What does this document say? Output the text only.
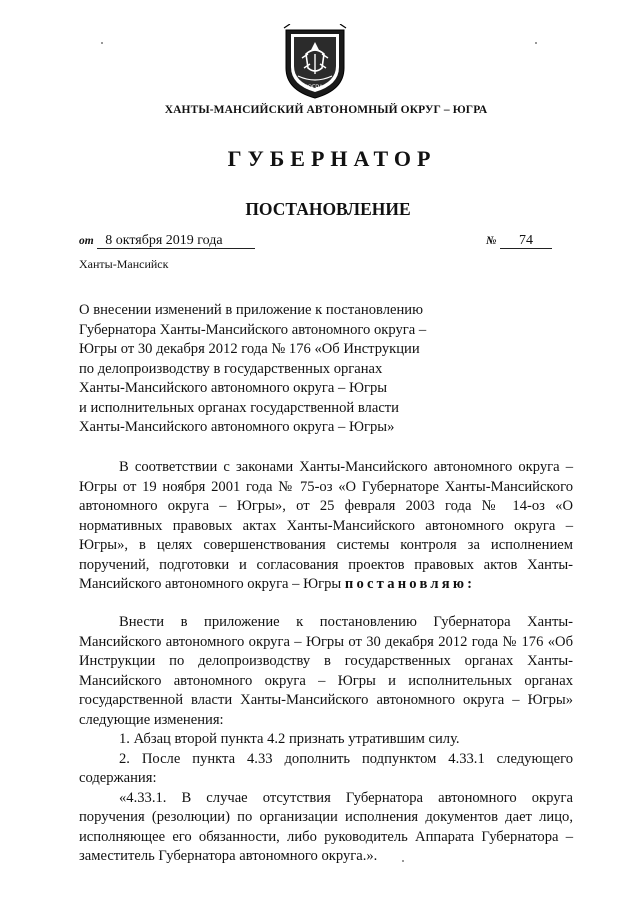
ЮГРА
ХАНТЫ-МАНСИЙСКИЙ АВТОНОМНЫЙ ОКРУГ – ЮГРА
ГУБЕРНАТОР
ПОСТАНОВЛЕНИЕ
от 8 октября 2019 года	№ 74
Ханты-Мансийск
О внесении изменений в приложение к постановлению
Губернатора Ханты-Мансийского автономного округа –
Югры от 30 декабря 2012 года № 176 «Об Инструкции
по делопроизводству в государственных органах
Ханты-Мансийского автономного округа – Югры
и исполнительных органах государственной власти
Ханты-Мансийского автономного округа – Югры»

В соответствии с законами Ханты-Мансийского автономного округа – Югры от 19 ноября 2001 года № 75-оз «О Губернаторе Ханты-Мансийского автономного округа – Югры», от 25 февраля 2003 года № 14-оз «О нормативных правовых актах Ханты-Мансийского автономного округа – Югры», в целях совершенствования системы контроля за исполнением поручений, подготовки и согласования проектов правовых актов Ханты-Мансийского автономного округа – Югры постановляю:

Внести в приложение к постановлению Губернатора Ханты-Мансийского автономного округа – Югры от 30 декабря 2012 года № 176 «Об Инструкции по делопроизводству в государственных органах Ханты-Мансийского автономного округа – Югры и исполнительных органах государственной власти Ханты-Мансийского автономного округа – Югры» следующие изменения:

1. Абзац второй пункта 4.2 признать утратившим силу.

2. После пункта 4.33 дополнить подпунктом 4.33.1 следующего содержания:

«4.33.1. В случае отсутствия Губернатора автономного округа поручения (резолюции) по организации исполнения документов дает лицо, исполняющее его обязанности, либо руководитель Аппарата Губернатора – заместитель Губернатора автономного округа.».
